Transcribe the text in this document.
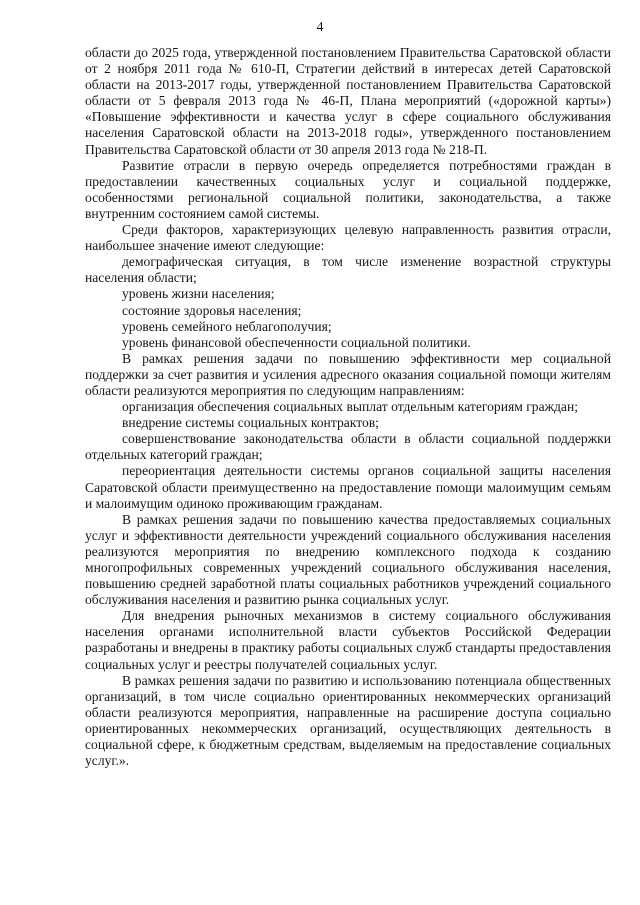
4

области до 2025 года, утвержденной постановлением Правительства Саратовской области от 2 ноября 2011 года № 610-П, Стратегии действий в интересах детей Саратовской области на 2013-2017 годы, утвержденной постановлением Правительства Саратовской области от 5 февраля 2013 года № 46-П, Плана мероприятий («дорожной карты») «Повышение эффективности и качества услуг в сфере социального обслуживания населения Саратовской области на 2013-2018 годы», утвержденного постановлением Правительства Саратовской области от 30 апреля 2013 года № 218-П.

Развитие отрасли в первую очередь определяется потребностями граждан в предоставлении качественных социальных услуг и социальной поддержке, особенностями региональной социальной политики, законодательства, а также внутренним состоянием самой системы.

Среди факторов, характеризующих целевую направленность развития отрасли, наибольшее значение имеют следующие:

демографическая ситуация, в том числе изменение возрастной структуры населения области;

уровень жизни населения;

состояние здоровья населения;

уровень семейного неблагополучия;

уровень финансовой обеспеченности социальной политики.

В рамках решения задачи по повышению эффективности мер социальной поддержки за счет развития и усиления адресного оказания социальной помощи жителям области реализуются мероприятия по следующим направлениям:

организация обеспечения социальных выплат отдельным категориям граждан;

внедрение системы социальных контрактов;

совершенствование законодательства области в области социальной поддержки отдельных категорий граждан;

переориентация деятельности системы органов социальной защиты населения Саратовской области преимущественно на предоставление помощи малоимущим семьям и малоимущим одиноко проживающим гражданам.

В рамках решения задачи по повышению качества предоставляемых социальных услуг и эффективности деятельности учреждений социального обслуживания населения реализуются мероприятия по внедрению комплексного подхода к созданию многопрофильных современных учреждений социального обслуживания населения, повышению средней заработной платы социальных работников учреждений социального обслуживания населения и развитию рынка социальных услуг.

Для внедрения рыночных механизмов в систему социального обслуживания населения органами исполнительной власти субъектов Российской Федерации разработаны и внедрены в практику работы социальных служб стандарты предоставления социальных услуг и реестры получателей социальных услуг.

В рамках решения задачи по развитию и использованию потенциала общественных организаций, в том числе социально ориентированных некоммерческих организаций области реализуются мероприятия, направленные на расширение доступа социально ориентированных некоммерческих организаций, осуществляющих деятельность в социальной сфере, к бюджетным средствам, выделяемым на предоставление социальных услуг.».
